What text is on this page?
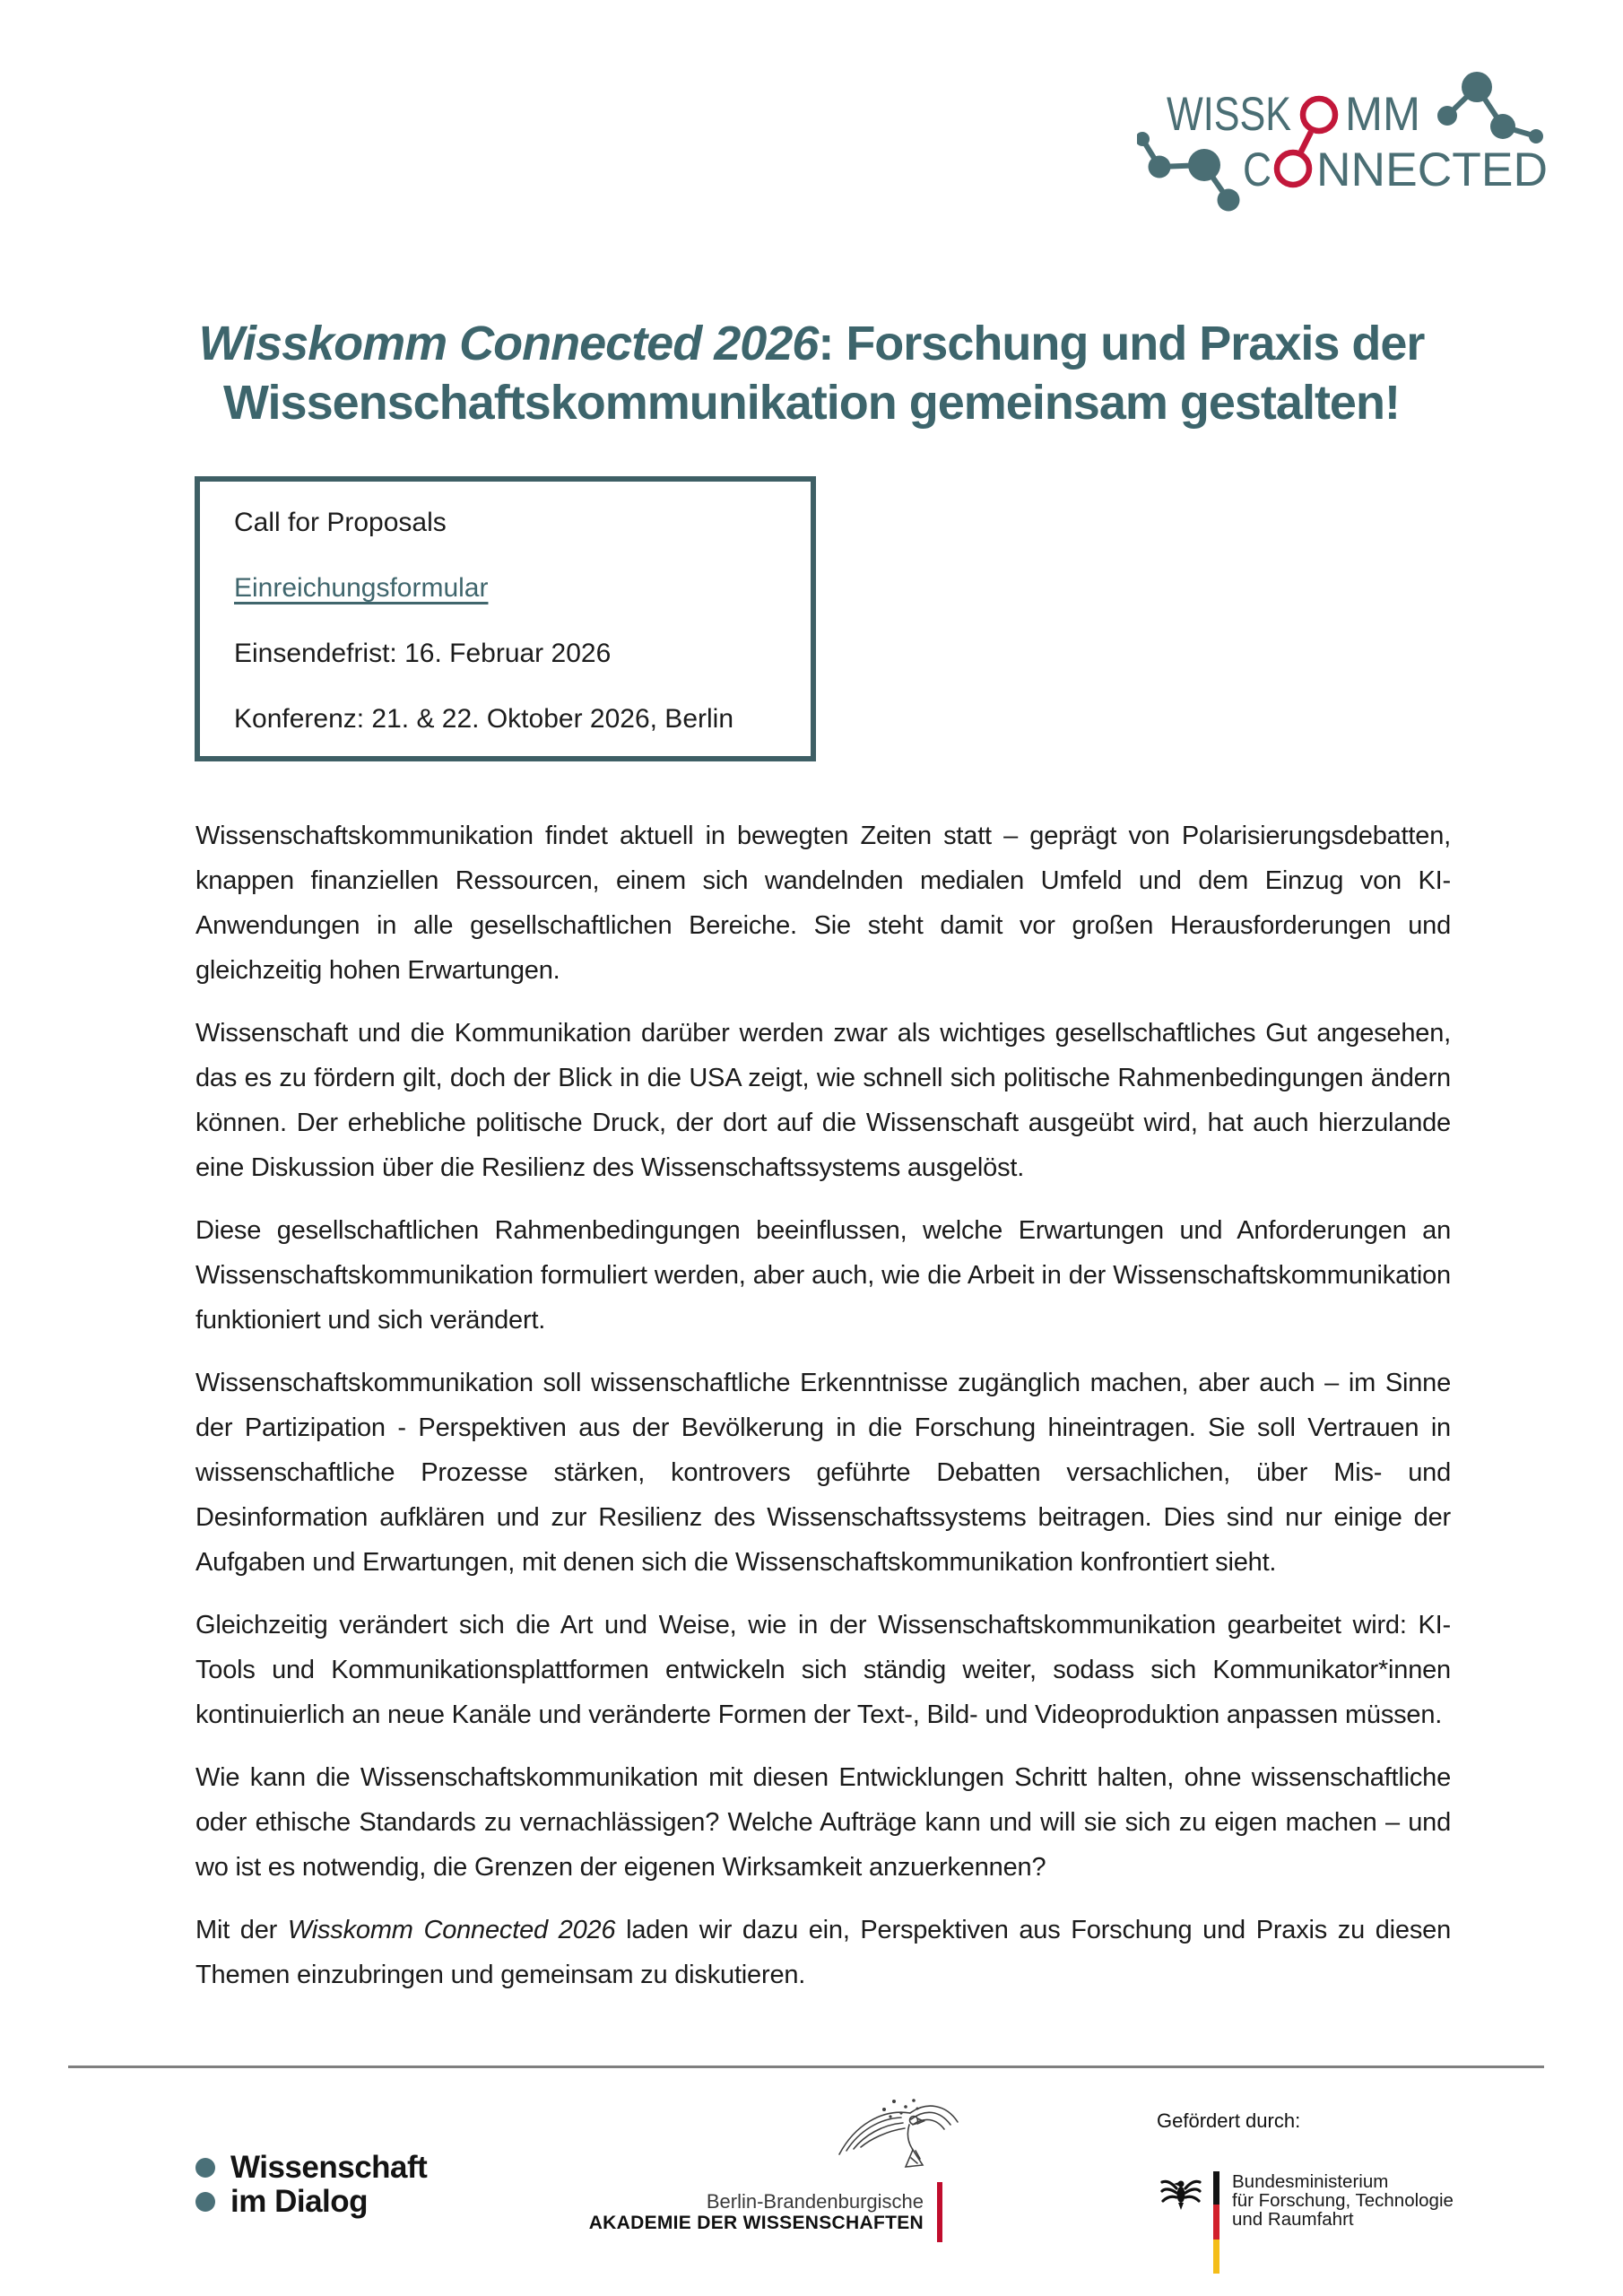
WISSK MM
C NNECTED
Wisskomm Connected 2026: Forschung und Praxis der
Wissenschaftskommunikation gemeinsam gestalten!

Call for Proposals

Einreichungsformular

Einsendefrist: 16. Februar 2026

Konferenz: 21. & 22. Oktober 2026, Berlin

Wissenschaftskommunikation findet aktuell in bewegten Zeiten statt – geprägt von Polarisierungsdebatten, knappen finanziellen Ressourcen, einem sich wandelnden medialen Umfeld und dem Einzug von KI-Anwendungen in alle gesellschaftlichen Bereiche. Sie steht damit vor großen Herausforderungen und gleichzeitig hohen Erwartungen.

Wissenschaft und die Kommunikation darüber werden zwar als wichtiges gesellschaftliches Gut angesehen, das es zu fördern gilt, doch der Blick in die USA zeigt, wie schnell sich politische Rahmenbedingungen ändern können. Der erhebliche politische Druck, der dort auf die Wissenschaft ausgeübt wird, hat auch hierzulande eine Diskussion über die Resilienz des Wissenschaftssystems ausgelöst.

Diese gesellschaftlichen Rahmenbedingungen beeinflussen, welche Erwartungen und Anforderungen an Wissenschaftskommunikation formuliert werden, aber auch, wie die Arbeit in der Wissenschaftskommunikation funktioniert und sich verändert.

Wissenschaftskommunikation soll wissenschaftliche Erkenntnisse zugänglich machen, aber auch – im Sinne der Partizipation - Perspektiven aus der Bevölkerung in die Forschung hineintragen. Sie soll Vertrauen in wissenschaftliche Prozesse stärken, kontrovers geführte Debatten versachlichen, über Mis- und Desinformation aufklären und zur Resilienz des Wissenschaftssystems beitragen. Dies sind nur einige der Aufgaben und Erwartungen, mit denen sich die Wissenschaftskommunikation konfrontiert sieht.

Gleichzeitig verändert sich die Art und Weise, wie in der Wissenschaftskommunikation gearbeitet wird: KI-Tools und Kommunikationsplattformen entwickeln sich ständig weiter, sodass sich Kommunikator*innen kontinuierlich an neue Kanäle und veränderte Formen der Text-, Bild- und Videoproduktion anpassen müssen.

Wie kann die Wissenschaftskommunikation mit diesen Entwicklungen Schritt halten, ohne wissenschaftliche oder ethische Standards zu vernachlässigen? Welche Aufträge kann und will sie sich zu eigen machen – und wo ist es notwendig, die Grenzen der eigenen Wirksamkeit anzuerkennen?

Mit der Wisskomm Connected 2026 laden wir dazu ein, Perspektiven aus Forschung und Praxis zu diesen Themen einzubringen und gemeinsam zu diskutieren.

Wissenschaft
im Dialog	Berlin-Brandenburgische
AKADEMIE DER WISSENSCHAFTEN
Gefördert durch:
Bundesministerium
für Forschung, Technologie
und Raumfahrt
